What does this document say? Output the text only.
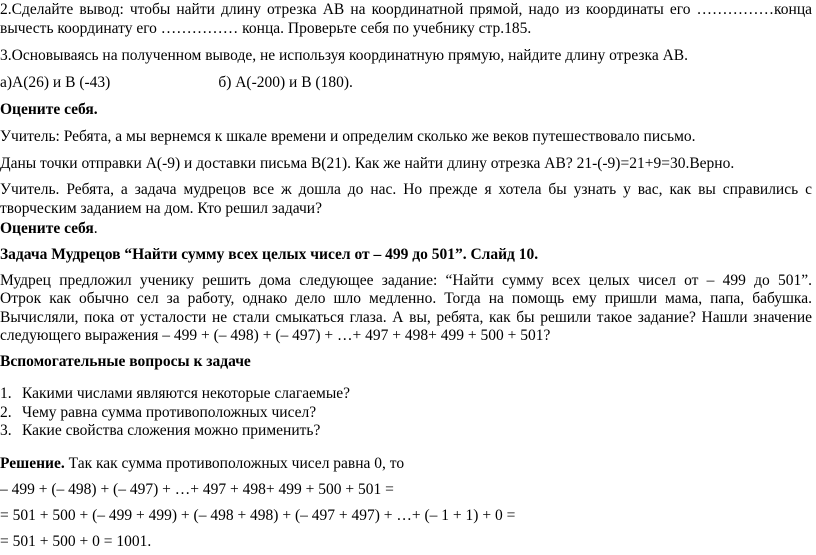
2.Сделайте вывод: чтобы найти длину отрезка AB на координатной прямой, надо из координаты его ……………конца
вычесть координату его …………… конца. Проверьте себя по учебнику стр.185.
3.Основываясь на полученном выводе, не используя координатную прямую, найдите длину отрезка AB.
а)А(26) и В (-43)	б) А(-200) и В (180).
Оцените себя.
Учитель: Ребята, а мы вернемся к шкале времени и определим сколько же веков путешествовало письмо.
Даны точки отправки А(-9) и доставки письма В(21). Как же найти длину отрезка АВ? 21-(-9)=21+9=30.Верно.
Учитель. Ребята, а задача мудрецов все ж дошла до нас. Но прежде я хотела бы узнать у вас, как вы справились с
творческим заданием на дом. Кто решил задачи?
Оцените себя.
Задача Мудрецов “Найти сумму всех целых чисел от – 499 до 501”. Слайд 10.
Мудрец предложил ученику решить дома следующее задание: “Найти сумму всех целых чисел от – 499 до 501”.
Отрок как обычно сел за работу, однако дело шло медленно. Тогда на помощь ему пришли мама, папа, бабушка.
Вычисляли, пока от усталости не стали смыкаться глаза. А вы, ребята, как бы решили такое задание? Нашли значение
следующего выражения – 499 + (– 498) + (– 497) + …+ 497 + 498+ 499 + 500 + 501?
Вспомогательные вопросы к задаче
1. Какими числами являются некоторые слагаемые?
2. Чему равна сумма противоположных чисел?
3. Какие свойства сложения можно применить?
Решение. Так как сумма противоположных чисел равна 0, то
– 499 + (– 498) + (– 497) + …+ 497 + 498+ 499 + 500 + 501 =
= 501 + 500 + (– 499 + 499) + (– 498 + 498) + (– 497 + 497) + …+ (– 1 + 1) + 0 =
= 501 + 500 + 0 = 1001.
